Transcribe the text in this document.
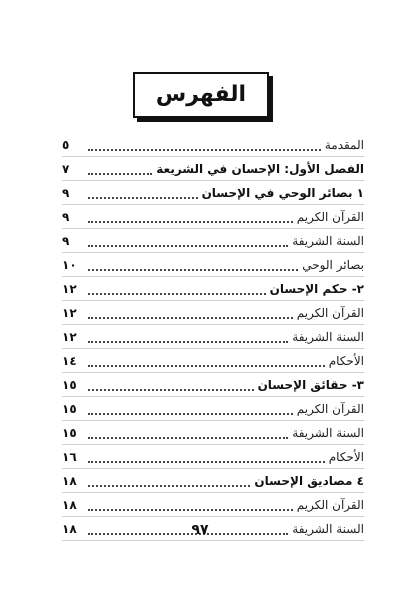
الفهرس
المقدمة
٥
الفصل الأول: الإحسان في الشريعة
٧
١ بصائر الوحي في الإحسان
٩
القرآن الكريم
٩
السنة الشريفة
٩
بصائر الوحي
١٠
٢- حكم الإحسان
١٢
القرآن الكريم
١٢
السنة الشريفة
١٢
الأحكام
١٤
٣- حقائق الإحسان
١٥
القرآن الكريم
١٥
السنة الشريفة
١٥
الأحكام
١٦
٤ مصاديق الإحسان
١٨
القرآن الكريم
١٨
السنة الشريفة
١٨	٩٧
